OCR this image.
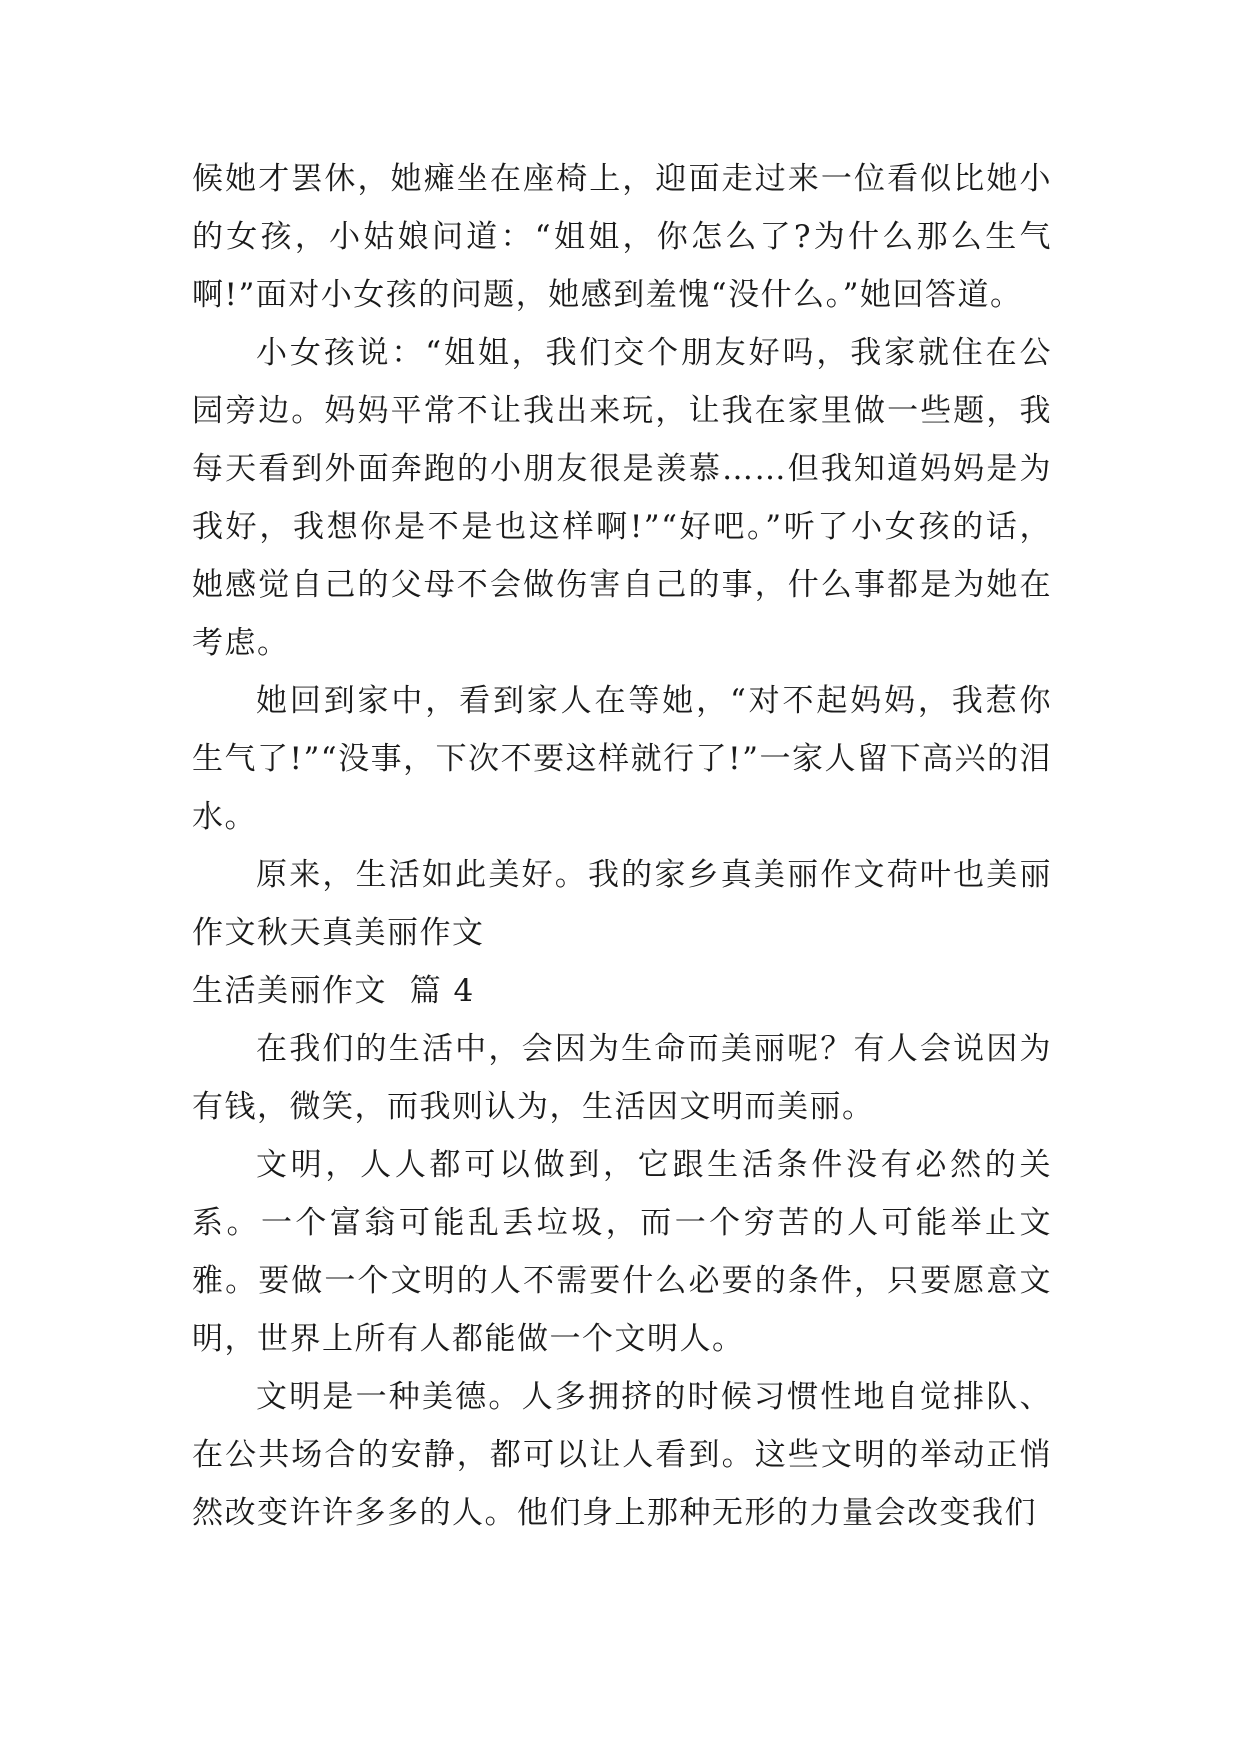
候她才罢休，她瘫坐在座椅上，迎面走过来一位看似比她小的女孩，小姑娘问道：“姐姐，你怎么了?为什么那么生气啊!”面对小女孩的问题，她感到羞愧“没什么。”她回答道。

小女孩说：“姐姐，我们交个朋友好吗，我家就住在公园旁边。妈妈平常不让我出来玩，让我在家里做一些题，我每天看到外面奔跑的小朋友很是羡慕……但我知道妈妈是为我好，我想你是不是也这样啊!”“好吧。”听了小女孩的话，她感觉自己的父母不会做伤害自己的事，什么事都是为她在考虑。

她回到家中，看到家人在等她，“对不起妈妈，我惹你生气了!”“没事，下次不要这样就行了!”一家人留下高兴的泪水。

原来，生活如此美好。我的家乡真美丽作文荷叶也美丽作文秋天真美丽作文

生活美丽作文  篇 4

在我们的生活中，会因为生命而美丽呢？有人会说因为有钱，微笑，而我则认为，生活因文明而美丽。

文明，人人都可以做到，它跟生活条件没有必然的关系。一个富翁可能乱丢垃圾，而一个穷苦的人可能举止文雅。要做一个文明的人不需要什么必要的条件，只要愿意文明，世界上所有人都能做一个文明人。

文明是一种美德。人多拥挤的时候习惯性地自觉排队、在公共场合的安静，都可以让人看到。这些文明的举动正悄然改变许许多多的人。他们身上那种无形的力量会改变我们
